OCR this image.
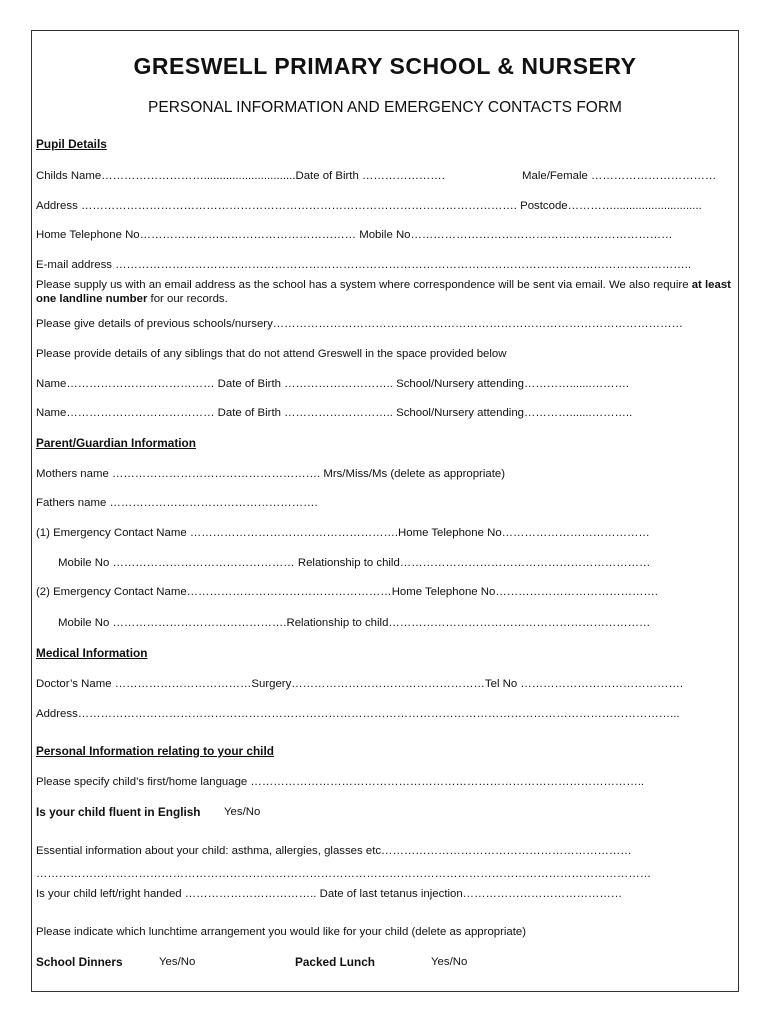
GRESWELL PRIMARY SCHOOL & NURSERY
PERSONAL INFORMATION AND EMERGENCY CONTACTS FORM
Pupil Details
Childs Name……………………….............................Date of Birth ………………….	Male/Female ……………………………
Address ……………………………………………………………………………………………………. Postcode…………............................
Home Telephone No………………………………………………… Mobile No……………………………………………………………
E-mail address ……………………………………………………………………………………………………………………………………..
Please supply us with an email address as the school has a system where correspondence will be sent via email. We also require at least one landline number for our records.
Please give details of previous schools/nursery………………………………………………………………………………………………
Please provide details of any siblings that do not attend Greswell in the space provided below
Name………………………………… Date of Birth ……………………….. School/Nursery attending………….......……….
Name………………………………… Date of Birth ……………………….. School/Nursery attending………….......………..
Parent/Guardian Information
Mothers name ………………………………………………. Mrs/Miss/Ms (delete as appropriate)
Fathers name ……………………………………………….
(1) Emergency Contact Name ……………………………………………….Home Telephone No…………………………………
Mobile No ………………………………………… Relationship to child…………………………………………………………
(2) Emergency Contact Name………………………………………………Home Telephone No…………………………………….
Mobile No ……………………………………….Relationship to child……………………………………………………………
Medical Information
Doctor’s Name ………………………………Surgery……………………………………………Tel No …………………………………….
Address…………………………………………………………………………………………………………………………………………...
Personal Information relating to your child
Please specify child’s first/home language …………………………………………………………………………………………..
Is your child fluent in English Yes/No
Essential information about your child: asthma, allergies, glasses etc…………………………………………………………
………………………………………………………………………………………………………………………………………………
Is your child left/right handed …………………………….. Date of last tetanus injection……………………………………
Please indicate which lunchtime arrangement you would like for your child (delete as appropriate)
School Dinners	Yes/No	Packed Lunch	Yes/No
